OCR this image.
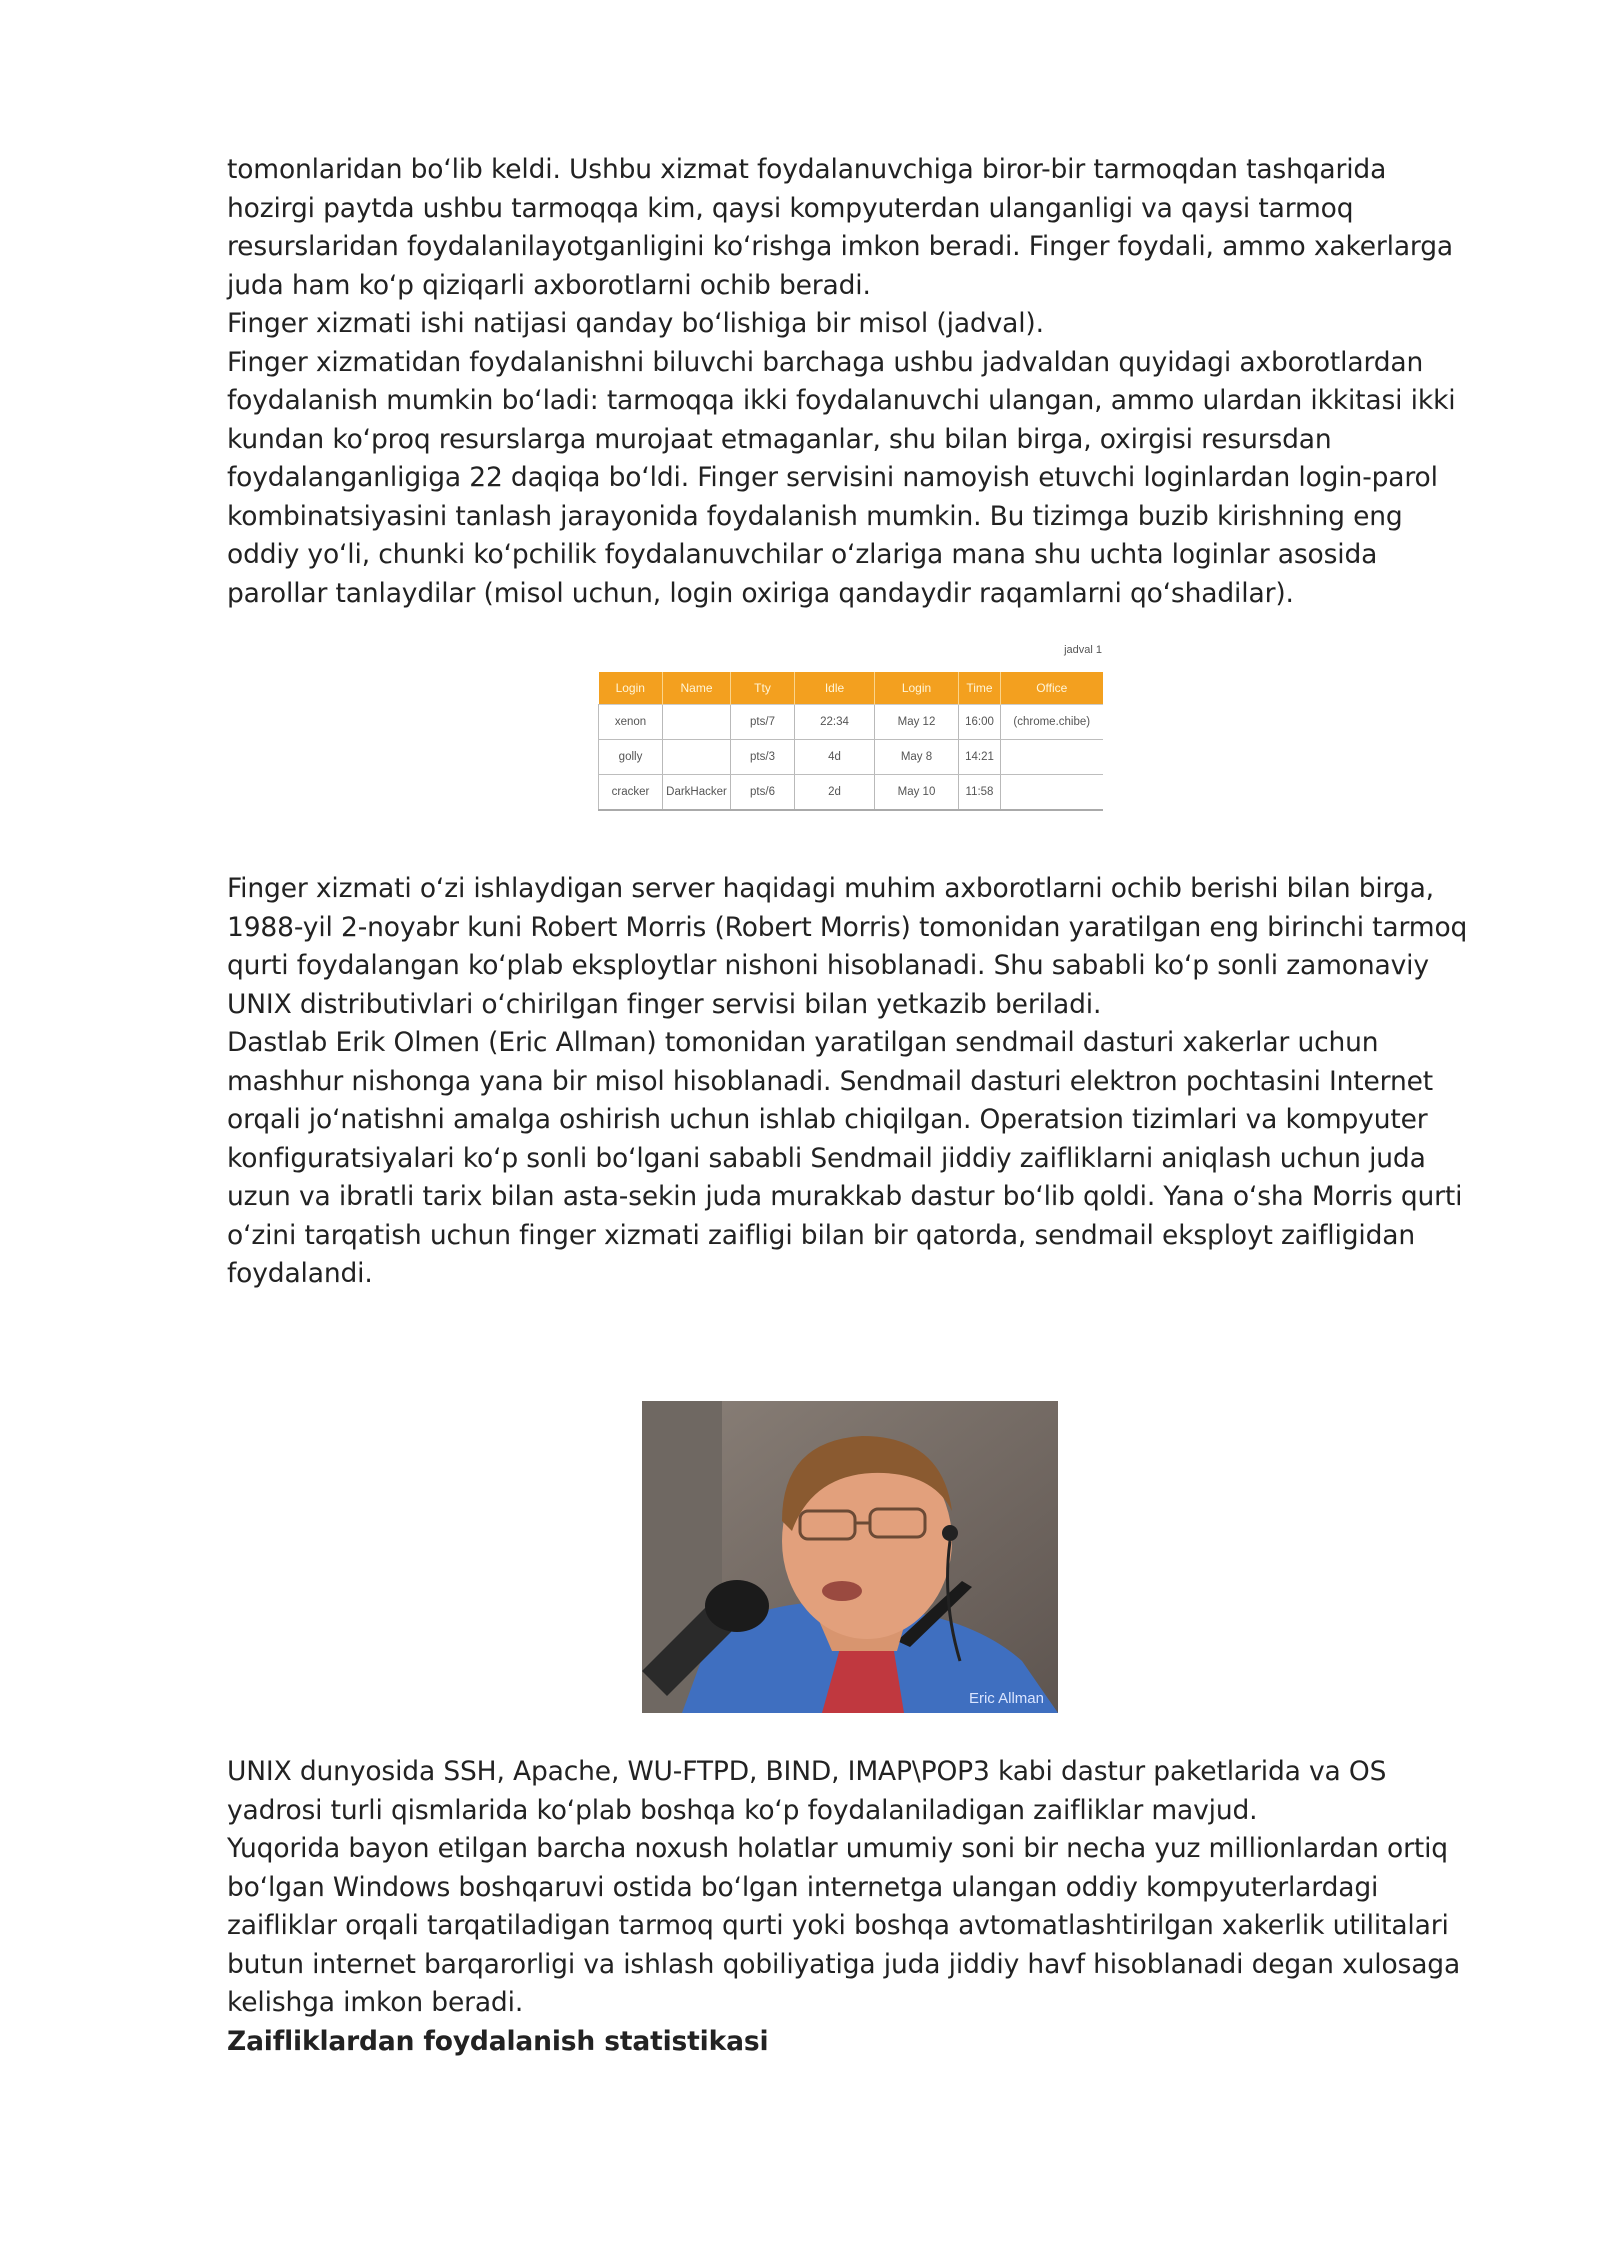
tomonlaridan bo‘lib keldi. Ushbu xizmat foydalanuvchiga biror-bir tarmoqdan tashqarida hozirgi paytda ushbu tarmoqqa kim, qaysi kompyuterdan ulanganligi va qaysi tarmoq resurslaridan foydalanilayotganligini ko‘rishga imkon beradi. Finger foydali, ammo xakerlarga juda ham ko‘p qiziqarli axborotlarni ochib beradi.

Finger xizmati ishi natijasi qanday bo‘lishiga bir misol (jadval).

Finger xizmatidan foydalanishni biluvchi barchaga ushbu jadvaldan quyidagi axborotlardan foydalanish mumkin bo‘ladi: tarmoqqa ikki foydalanuvchi ulangan, ammo ulardan ikkitasi ikki kundan ko‘proq resurslarga murojaat etmaganlar, shu bilan birga, oxirgisi resursdan foydalanganligiga 22 daqiqa bo‘ldi. Finger servisini namoyish etuvchi loginlardan login-parol kombinatsiyasini tanlash jarayonida foydalanish mumkin. Bu tizimga buzib kirishning eng oddiy yo‘li, chunki ko‘pchilik foydalanuvchilar o‘zlariga mana shu uchta loginlar asosida parollar tanlaydilar (misol uchun, login oxiriga qandaydir raqamlarni qo‘shadilar).

jadval 1
Login	Name	Tty	Idle	Login	Time	Office
xenon		pts/7	22:34	May 12	16:00	(chrome.chibe)
golly		pts/3	4d	May 8	14:21	
cracker	DarkHacker	pts/6	2d	May 10	11:58	

Finger xizmati o‘zi ishlaydigan server haqidagi muhim axborotlarni ochib berishi bilan birga, 1988-yil 2-noyabr kuni Robert Morris (Robert Morris) tomonidan yaratilgan eng birinchi tarmoq qurti foydalangan ko‘plab eksploytlar nishoni hisoblanadi. Shu sababli ko‘p sonli zamonaviy UNIX distributivlari o‘chirilgan finger servisi bilan yetkazib beriladi.

Dastlab Erik Olmen (Eric Allman) tomonidan yaratilgan sendmail dasturi xakerlar uchun mashhur nishonga yana bir misol hisoblanadi. Sendmail dasturi elektron pochtasini Internet orqali jo‘natishni amalga oshirish uchun ishlab chiqilgan. Operatsion tizimlari va kompyuter konfiguratsiyalari ko‘p sonli bo‘lgani sababli Sendmail jiddiy zaifliklarni aniqlash uchun juda uzun va ibratli tarix bilan asta-sekin juda murakkab dastur bo‘lib qoldi. Yana o‘sha Morris qurti o‘zini tarqatish uchun finger xizmati zaifligi bilan bir qatorda, sendmail eksployt zaifligidan foydalandi.

Eric Allman

UNIX dunyosida SSH, Apache, WU-FTPD, BIND, IMAP\POP3 kabi dastur paketlarida va OS yadrosi turli qismlarida ko‘plab boshqa ko‘p foydalaniladigan zaifliklar mavjud.

Yuqorida bayon etilgan barcha noxush holatlar umumiy soni bir necha yuz millionlardan ortiq bo‘lgan Windows boshqaruvi ostida bo‘lgan internetga ulangan oddiy kompyuterlardagi zaifliklar orqali tarqatiladigan tarmoq qurti yoki boshqa avtomatlashtirilgan xakerlik utilitalari butun internet barqarorligi va ishlash qobiliyatiga juda jiddiy havf hisoblanadi degan xulosaga kelishga imkon beradi.

Zaifliklardan foydalanish statistikasi
